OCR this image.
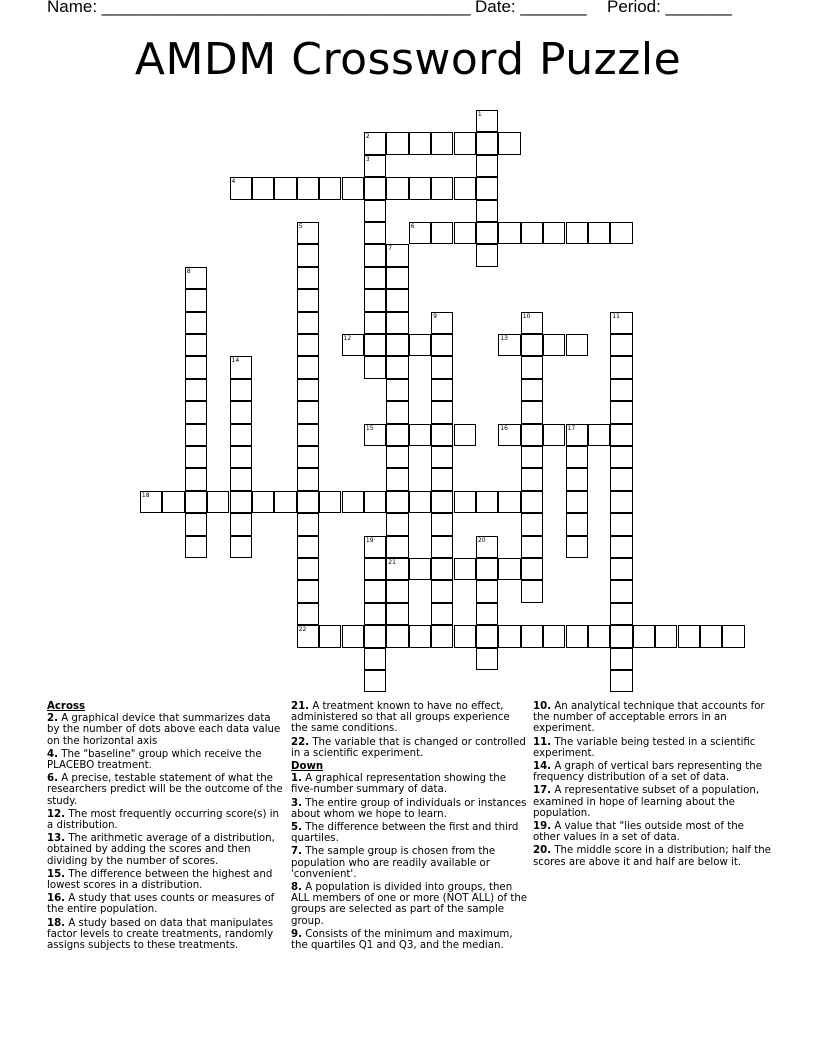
Name: _______________________________________ Date: _______ Period: _______
AMDM Crossword Puzzle
1
2
3
4
5	6
7
21
8
9	10	11
12	13
14
15	16	17
18
19	20
22
Across
2. A graphical device that summarizes data by the number of dots above each data value on the horizontal axis
4. The "baseline" group which receive the PLACEBO treatment.
6. A precise, testable statement of what the researchers predict will be the outcome of the study.
12. The most frequently occurring score(s) in a distribution.
13. The arithmetic average of a distribution, obtained by adding the scores and then dividing by the number of scores.
15. The difference between the highest and lowest scores in a distribution.
16. A study that uses counts or measures of the entire population.
18. A study based on data that manipulates factor levels to create treatments, randomly assigns subjects to these treatments.
21. A treatment known to have no effect, administered so that all groups experience the same conditions.
22. The variable that is changed or controlled in a scientific experiment.
Down
1. A graphical representation showing the five-number summary of data.
3. The entire group of individuals or instances about whom we hope to learn.
5. The difference between the first and third quartiles.
7. The sample group is chosen from the population who are readily available or 'convenient'.
8. A population is divided into groups, then ALL members of one or more (NOT ALL) of the groups are selected as part of the sample group.
9. Consists of the minimum and maximum, the quartiles Q1 and Q3, and the median.
10. An analytical technique that accounts for the number of acceptable errors in an experiment.
11. The variable being tested in a scientific experiment.
14. A graph of vertical bars representing the frequency distribution of a set of data.
17. A representative subset of a population, examined in hope of learning about the population.
19. A value that "lies outside most of the other values in a set of data.
20. The middle score in a distribution; half the scores are above it and half are below it.
